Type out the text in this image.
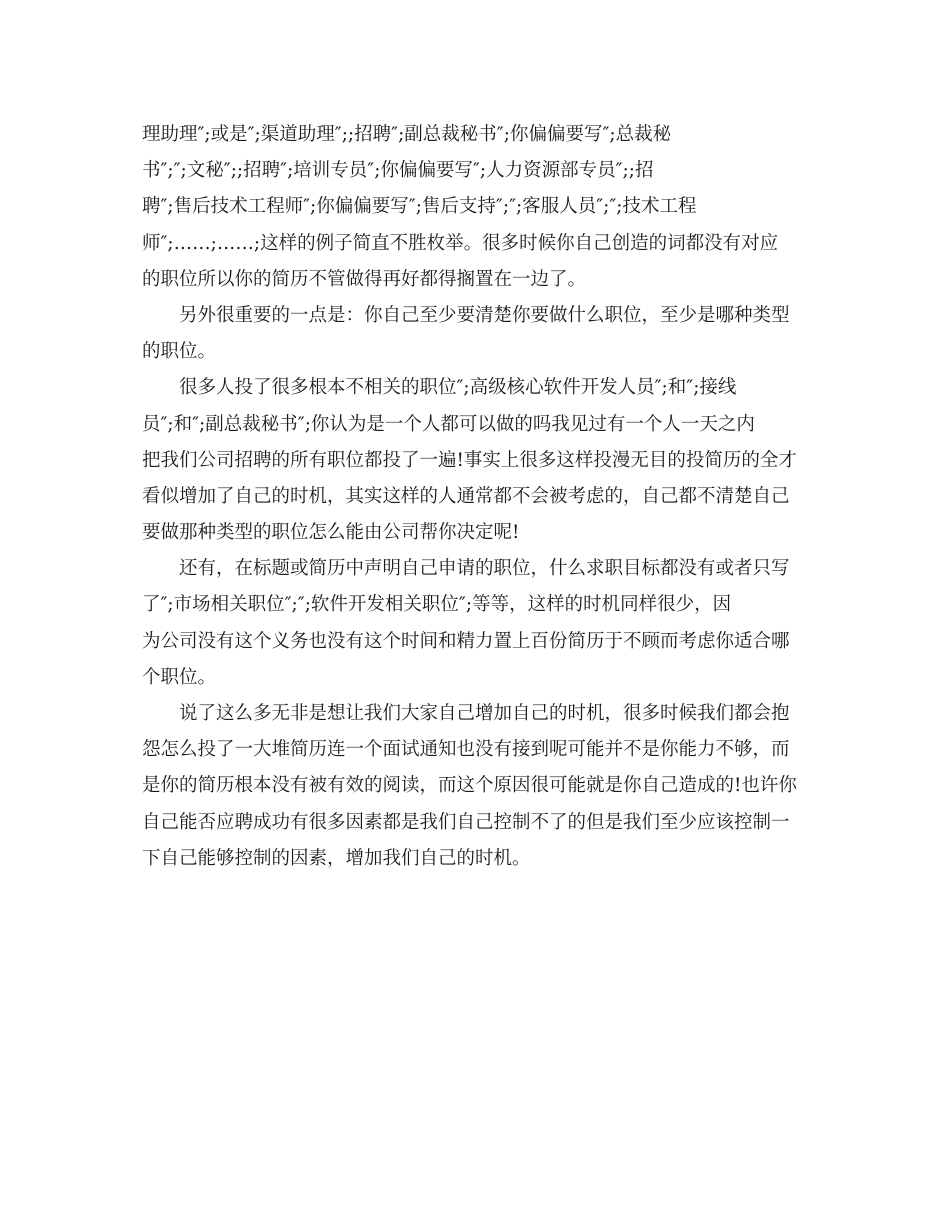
理助理″;或是″;渠道助理″;;招聘″;副总裁秘书″;你偏偏要写″;总裁秘
书″;″;文秘″;;招聘″;培训专员″;你偏偏要写″;人力资源部专员″;;招
聘″;售后技术工程师″;你偏偏要写″;售后支持″;″;客服人员″;″;技术工程
师″;……;……;这样的例子简直不胜枚举。很多时候你自己创造的词都没有对应
的职位所以你的简历不管做得再好都得搁置在一边了。
另外很重要的一点是：你自己至少要清楚你要做什么职位，至少是哪种类型
的职位。
很多人投了很多根本不相关的职位″;高级核心软件开发人员″;和″;接线
员″;和″;副总裁秘书″;你认为是一个人都可以做的吗我见过有一个人一天之内
把我们公司招聘的所有职位都投了一遍!事实上很多这样投漫无目的投简历的全才
看似增加了自己的时机，其实这样的人通常都不会被考虑的，自己都不清楚自己
要做那种类型的职位怎么能由公司帮你决定呢!
还有，在标题或简历中声明自己申请的职位，什么求职目标都没有或者只写
了″;市场相关职位″;″;软件开发相关职位″;等等，这样的时机同样很少，因
为公司没有这个义务也没有这个时间和精力置上百份简历于不顾而考虑你适合哪
个职位。
说了这么多无非是想让我们大家自己增加自己的时机，很多时候我们都会抱
怨怎么投了一大堆简历连一个面试通知也没有接到呢可能并不是你能力不够，而
是你的简历根本没有被有效的阅读，而这个原因很可能就是你自己造成的!也许你
自己能否应聘成功有很多因素都是我们自己控制不了的但是我们至少应该控制一
下自己能够控制的因素，增加我们自己的时机。
